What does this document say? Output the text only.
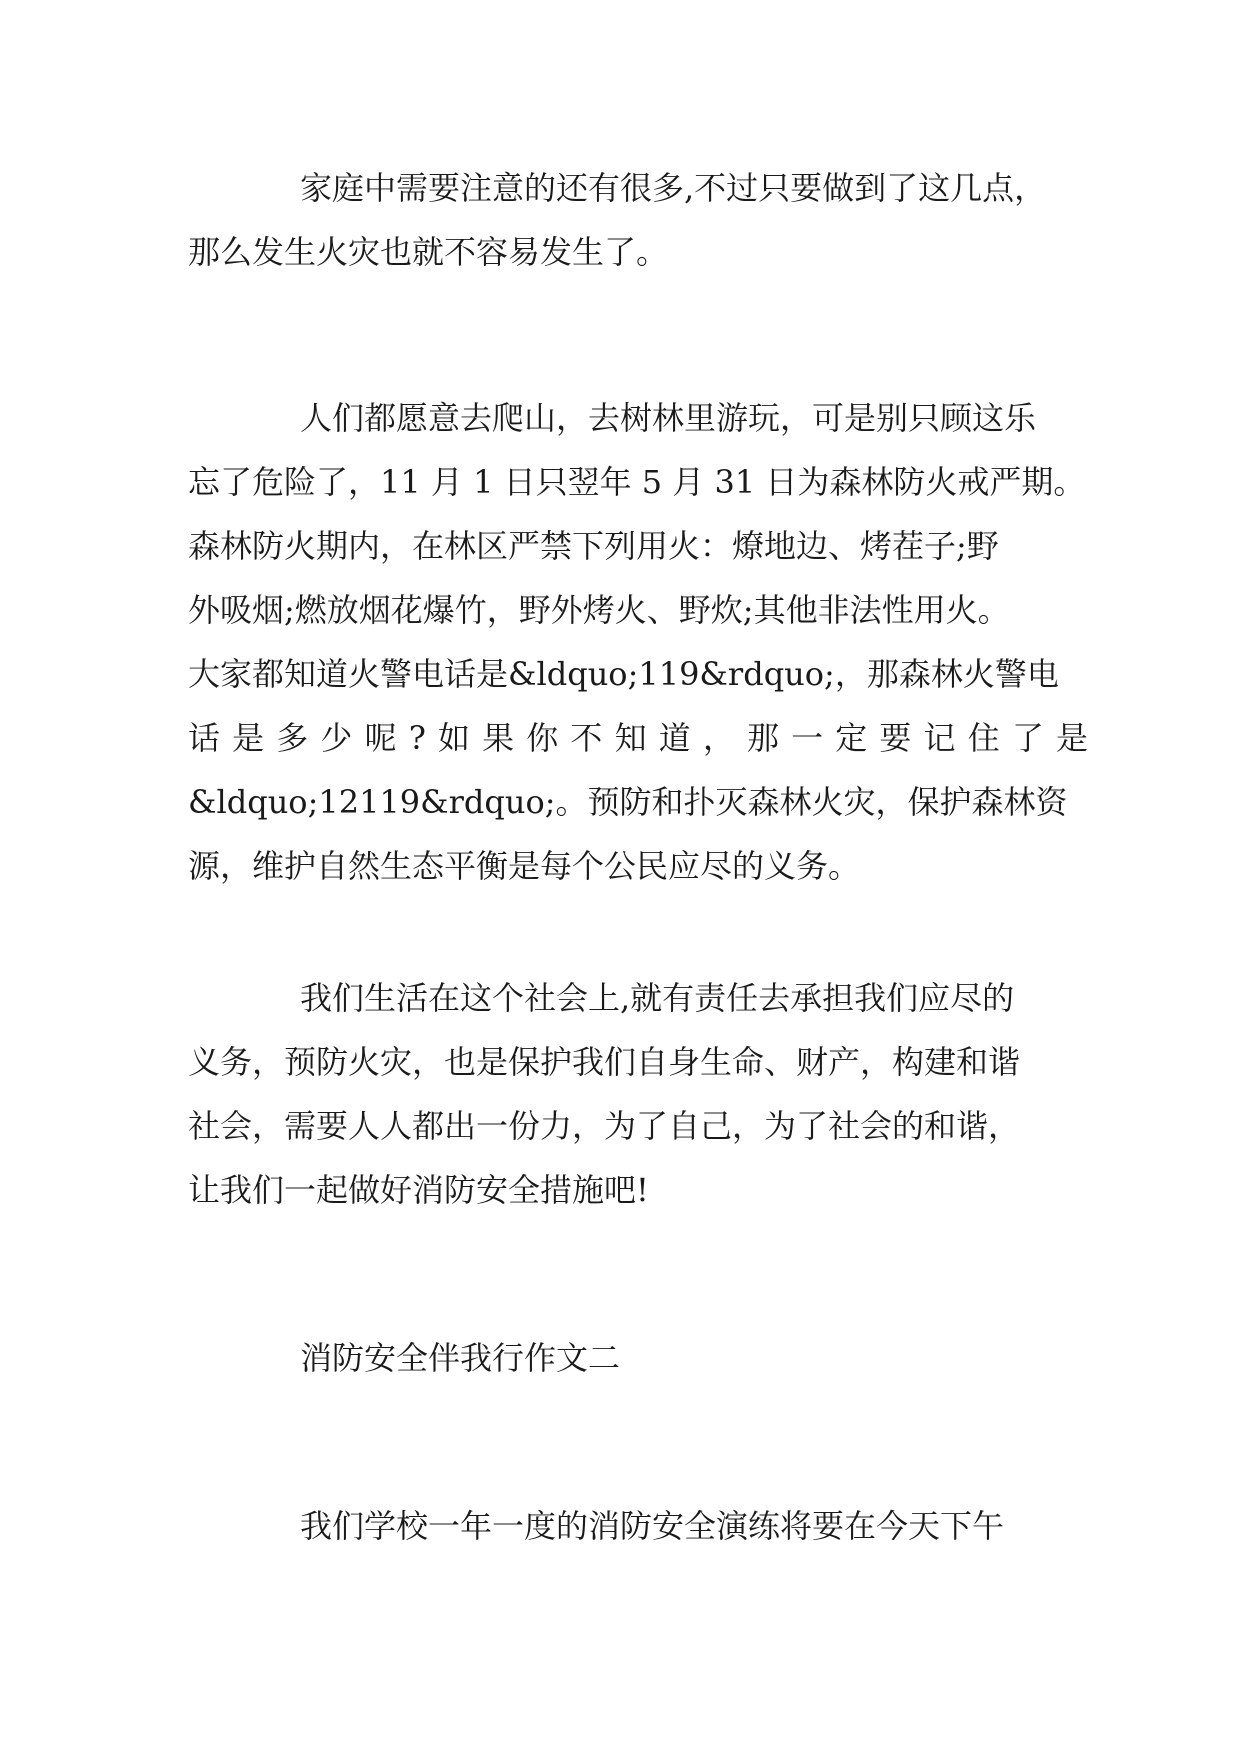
家庭中需要注意的还有很多,不过只要做到了这几点，
那么发生火灾也就不容易发生了。
人们都愿意去爬山，去树林里游玩，可是别只顾这乐
忘了危险了，11 月 1 日只翌年 5 月 31 日为森林防火戒严期。
森林防火期内，在林区严禁下列用火：燎地边、烤茬子;野
外吸烟;燃放烟花爆竹，野外烤火、野炊;其他非法性用火。
大家都知道火警电话是&ldquo;119&rdquo;，那森林火警电
话是多少呢?如果你不知道，那一定要记住了是
&ldquo;12119&rdquo;。预防和扑灭森林火灾，保护森林资
源，维护自然生态平衡是每个公民应尽的义务。
我们生活在这个社会上,就有责任去承担我们应尽的
义务，预防火灾，也是保护我们自身生命、财产，构建和谐
社会，需要人人都出一份力，为了自己，为了社会的和谐，
让我们一起做好消防安全措施吧!
消防安全伴我行作文二
我们学校一年一度的消防安全演练将要在今天下午
